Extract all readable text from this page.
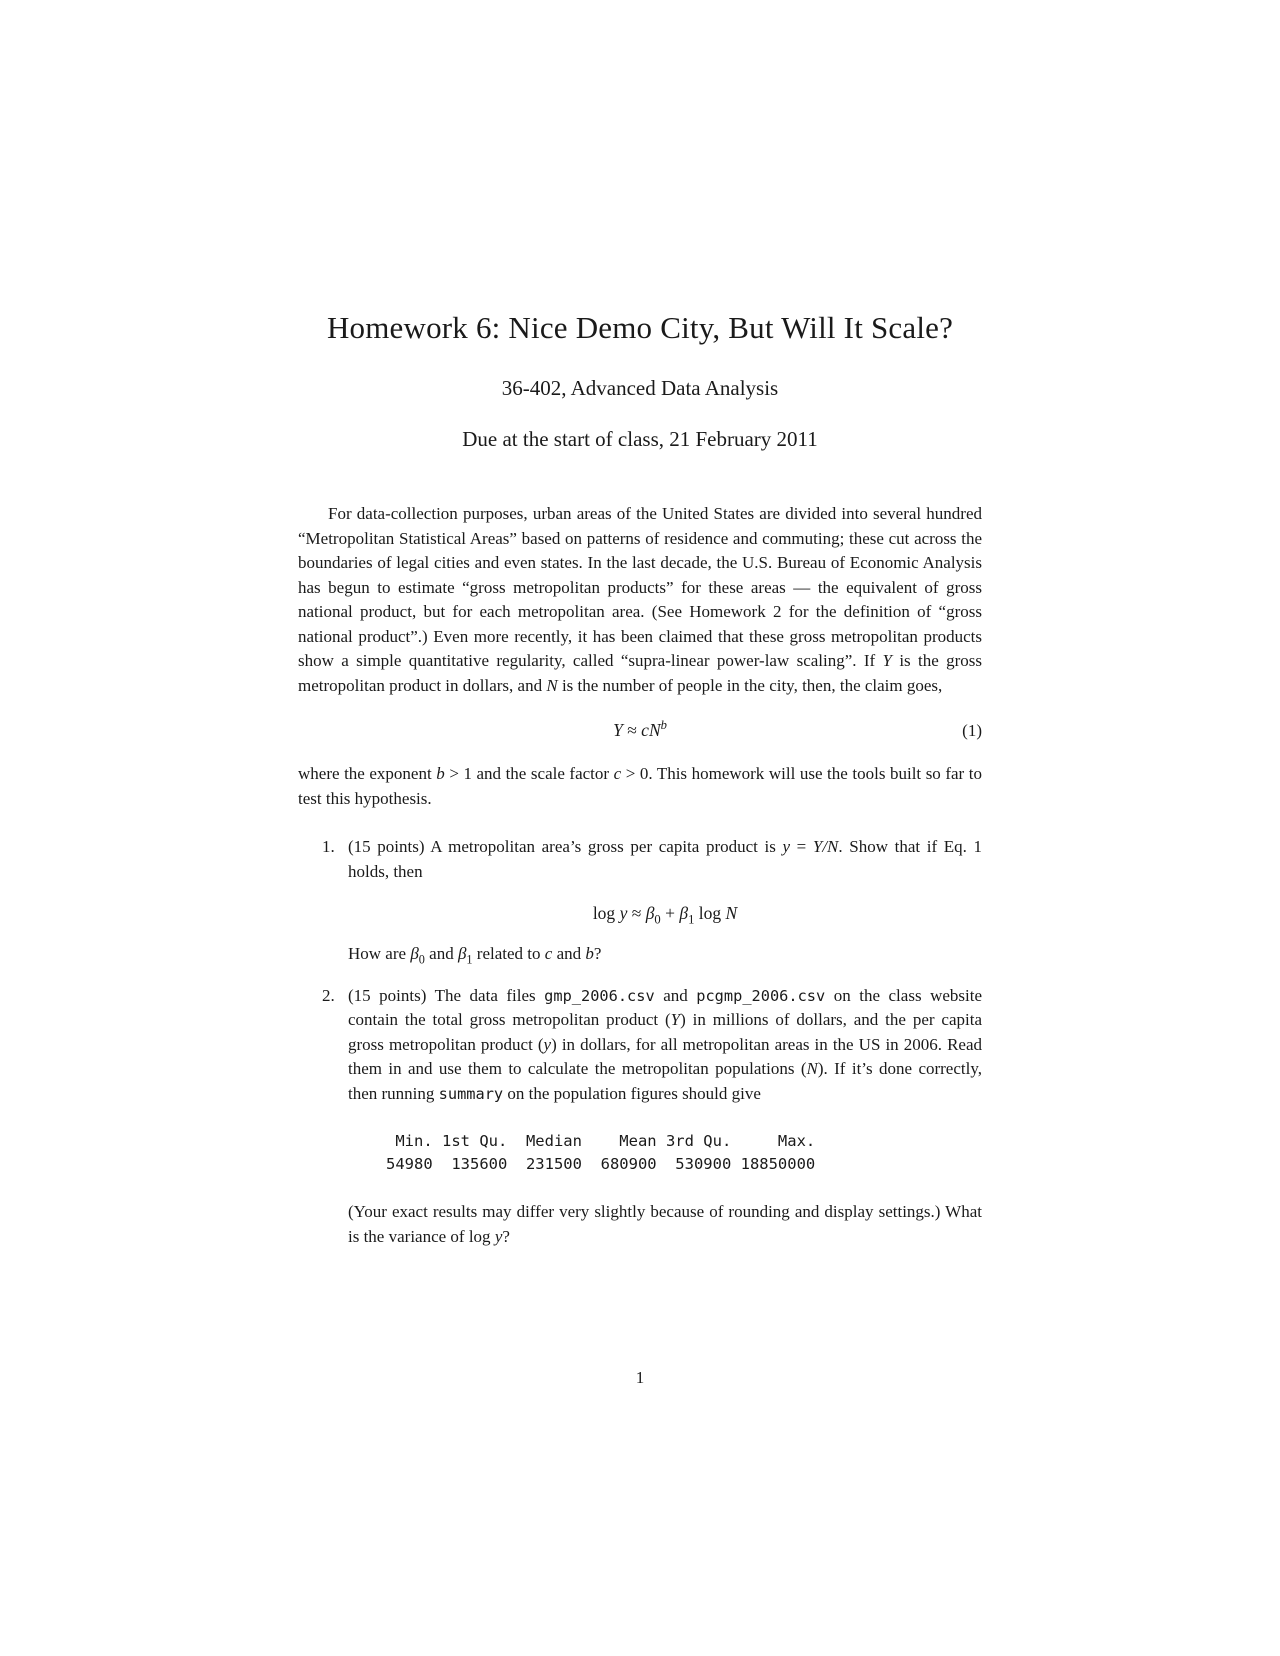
Homework 6: Nice Demo City, But Will It Scale?

36-402, Advanced Data Analysis

Due at the start of class, 21 February 2011

For data-collection purposes, urban areas of the United States are divided into several hundred “Metropolitan Statistical Areas” based on patterns of residence and commuting; these cut across the boundaries of legal cities and even states. In the last decade, the U.S. Bureau of Economic Analysis has begun to estimate “gross metropolitan products” for these areas — the equivalent of gross national product, but for each metropolitan area. (See Homework 2 for the definition of “gross national product”.) Even more recently, it has been claimed that these gross metropolitan products show a simple quantitative regularity, called “supra-linear power-law scaling”. If Y is the gross metropolitan product in dollars, and N is the number of people in the city, then, the claim goes,

$Y \approx cN^b$	(1)

where the exponent b > 1 and the scale factor c > 0. This homework will use the tools built so far to test this hypothesis.

1. (15 points) A metropolitan area’s gross per capita product is y = Y/N. Show that if Eq. 1 holds, then

$\log y \approx \beta_0 + \beta_1$ log N

How are $\beta_0$ and $\beta_1$ related to c and b?

2. (15 points) The data files gmp_2006.csv and pcgmp_2006.csv on the class website contain the total gross metropolitan product (Y) in millions of dollars, and the per capita gross metropolitan product (y) in dollars, for all metropolitan areas in the US in 2006. Read them in and use them to calculate the metropolitan populations (N). If it’s done correctly, then running summary on the population figures should give

Min. 1st Qu.  Median    Mean 3rd Qu.     Max.
54980  135600  231500  680900  530900 18850000

(Your exact results may differ very slightly because of rounding and display settings.) What is the variance of log y?

1
